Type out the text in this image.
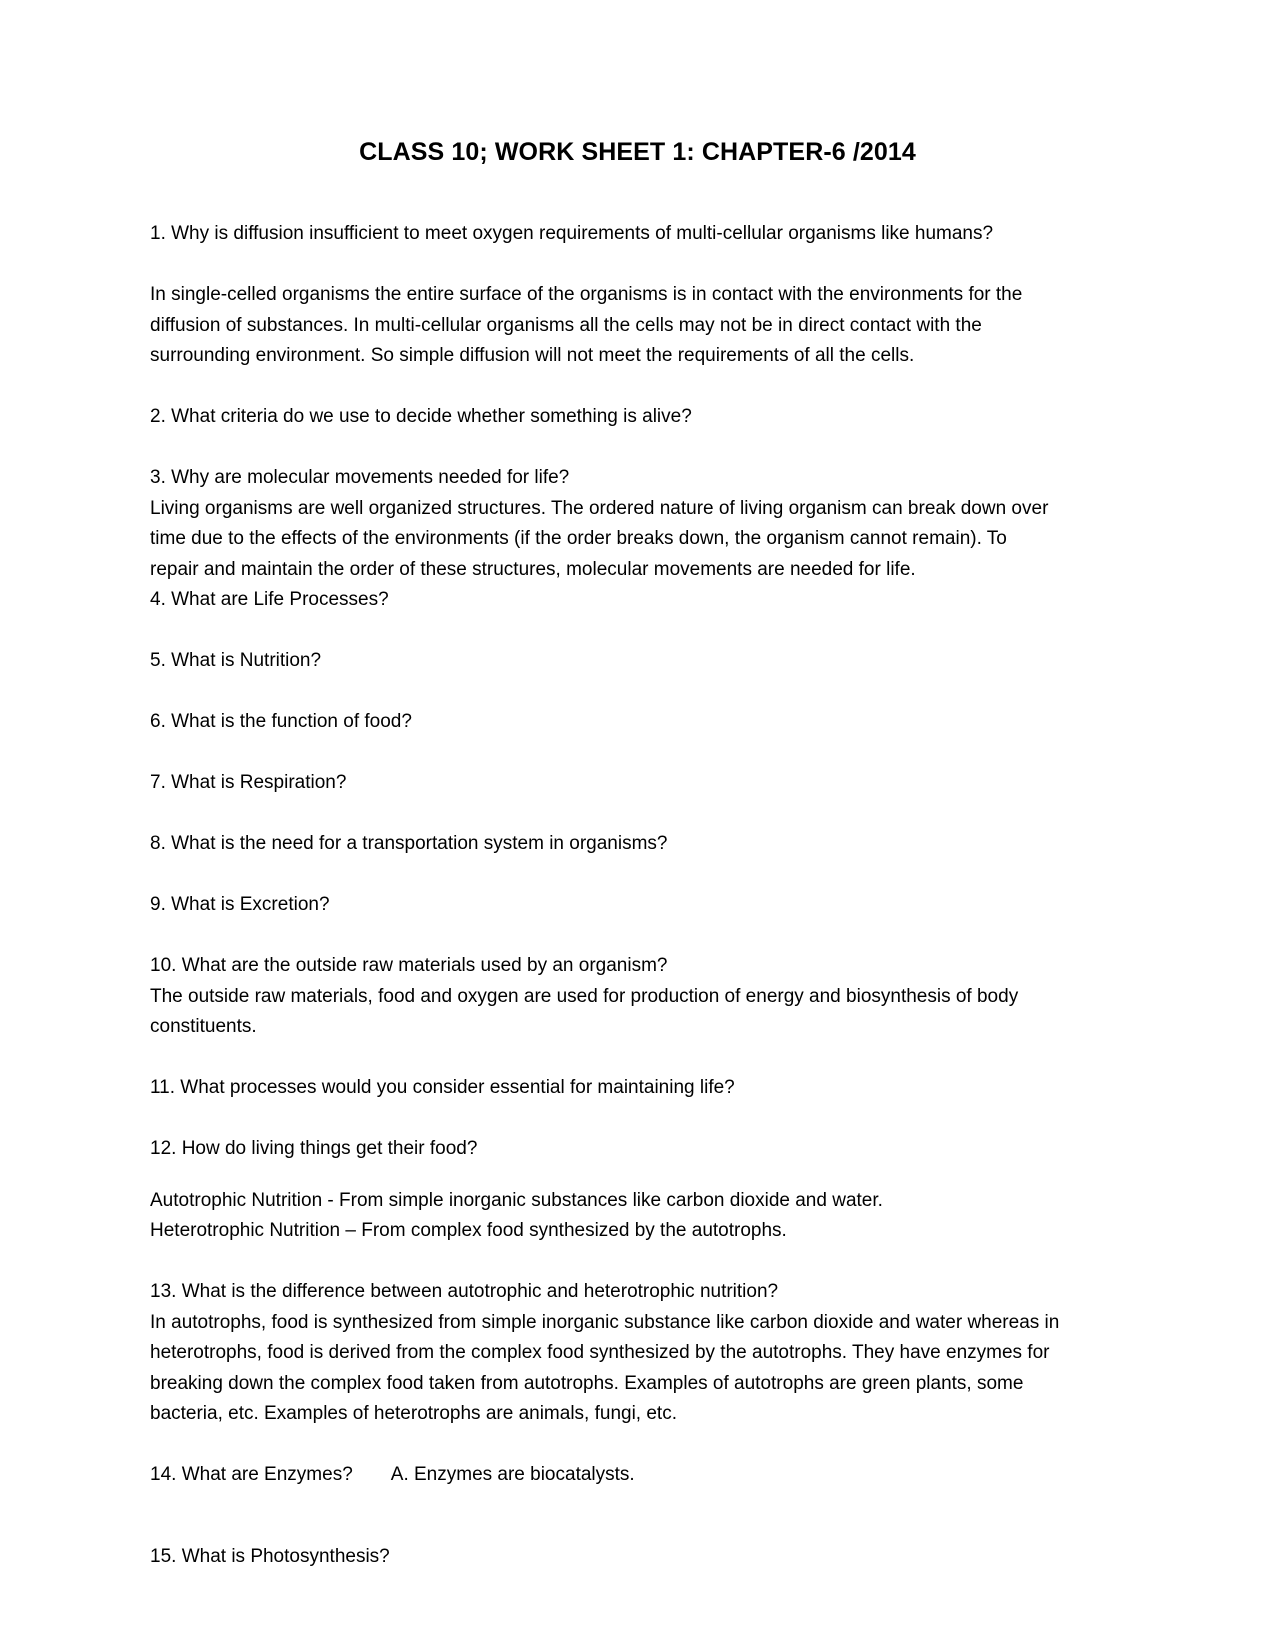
CLASS 10; WORK SHEET 1: CHAPTER-6 /2014
1. Why is diffusion insufficient to meet oxygen requirements of multi-cellular organisms like humans?
In single-celled organisms the entire surface of the organisms is in contact with the environments for the
diffusion of substances. In multi-cellular organisms all the cells may not be in direct contact with the
surrounding environment. So simple diffusion will not meet the requirements of all the cells.
2. What criteria do we use to decide whether something is alive?
3. Why are molecular movements needed for life?
Living organisms are well organized structures. The ordered nature of living organism can break down over
time due to the effects of the environments (if the order breaks down, the organism cannot remain). To
repair and maintain the order of these structures, molecular movements are needed for life.
4. What are Life Processes?
5. What is Nutrition?
6. What is the function of food?
7. What is Respiration?
8. What is the need for a transportation system in organisms?
9. What is Excretion?
10. What are the outside raw materials used by an organism?
The outside raw materials, food and oxygen are used for production of energy and biosynthesis of body
constituents.
11. What processes would you consider essential for maintaining life?
12. How do living things get their food?
Autotrophic Nutrition - From simple inorganic substances like carbon dioxide and water.
Heterotrophic Nutrition – From complex food synthesized by the autotrophs.
13. What is the difference between autotrophic and heterotrophic nutrition?
In autotrophs, food is synthesized from simple inorganic substance like carbon dioxide and water whereas in
heterotrophs, food is derived from the complex food synthesized by the autotrophs. They have enzymes for
breaking down the complex food taken from autotrophs. Examples of autotrophs are green plants, some
bacteria, etc. Examples of heterotrophs are animals, fungi, etc.
14. What are Enzymes? A. Enzymes are biocatalysts.
15. What is Photosynthesis?
